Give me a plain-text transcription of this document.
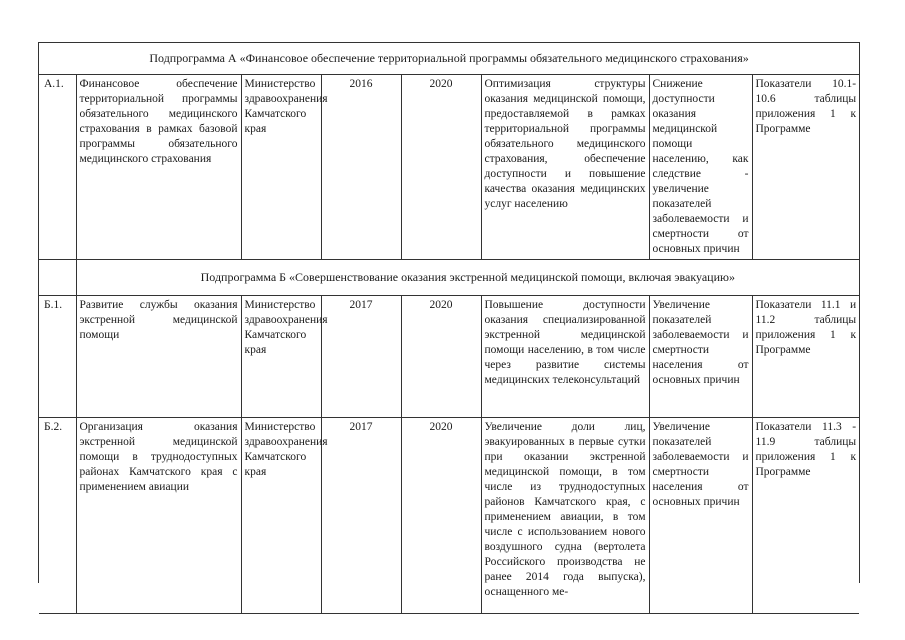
Подпрограмма А «Финансовое обеспечение территориальной программы обязательного медицинского страхования»							
А.1.	Финансовое обеспечение территориальной программы обязательного медицинского страхования в рамках базовой программы обязательного медицинского страхования	Министерство здравоохранения Камчатского края	2016	2020	Оптимизация структуры оказания медицинской помощи, предоставляемой в рамках территориальной программы обязательного медицинского страхования, обеспечение доступности и повышение качества оказания медицинских услуг населению	Снижение доступности оказания медицинской помощи населению, как следствие - увеличение показателей заболеваемости и смертности от основных причин	Показатели 10.1-10.6 таблицы приложения 1 к Программе
	Подпрограмма Б «Совершенствование оказания экстренной медицинской помощи, включая эвакуацию»						
Б.1.	Развитие службы оказания экстренной медицинской помощи	Министерство здравоохранения Камчатского края	2017	2020	Повышение доступности оказания специализированной экстренной медицинской помощи населению, в том числе через развитие системы медицинских телеконсультаций	Увеличение показателей заболеваемости и смертности населения от основных причин	Показатели 11.1 и 11.2 таблицы приложения 1 к Программе
Б.2.	Организация оказания экстренной медицинской помощи в труднодоступных районах Камчатского края с применением авиации	Министерство здравоохранения Камчатского края	2017	2020	Увеличение доли лиц, эвакуированных в первые сутки при оказании экстренной медицинской помощи, в том числе из труднодоступных районов Камчатского края, с применением авиации, в том числе с использованием нового воздушного судна (вертолета Российского производства не ранее 2014 года выпуска), оснащенного ме-	Увеличение показателей заболеваемости и смертности населения от основных причин	Показатели 11.3 - 11.9 таблицы приложения 1 к Программе
